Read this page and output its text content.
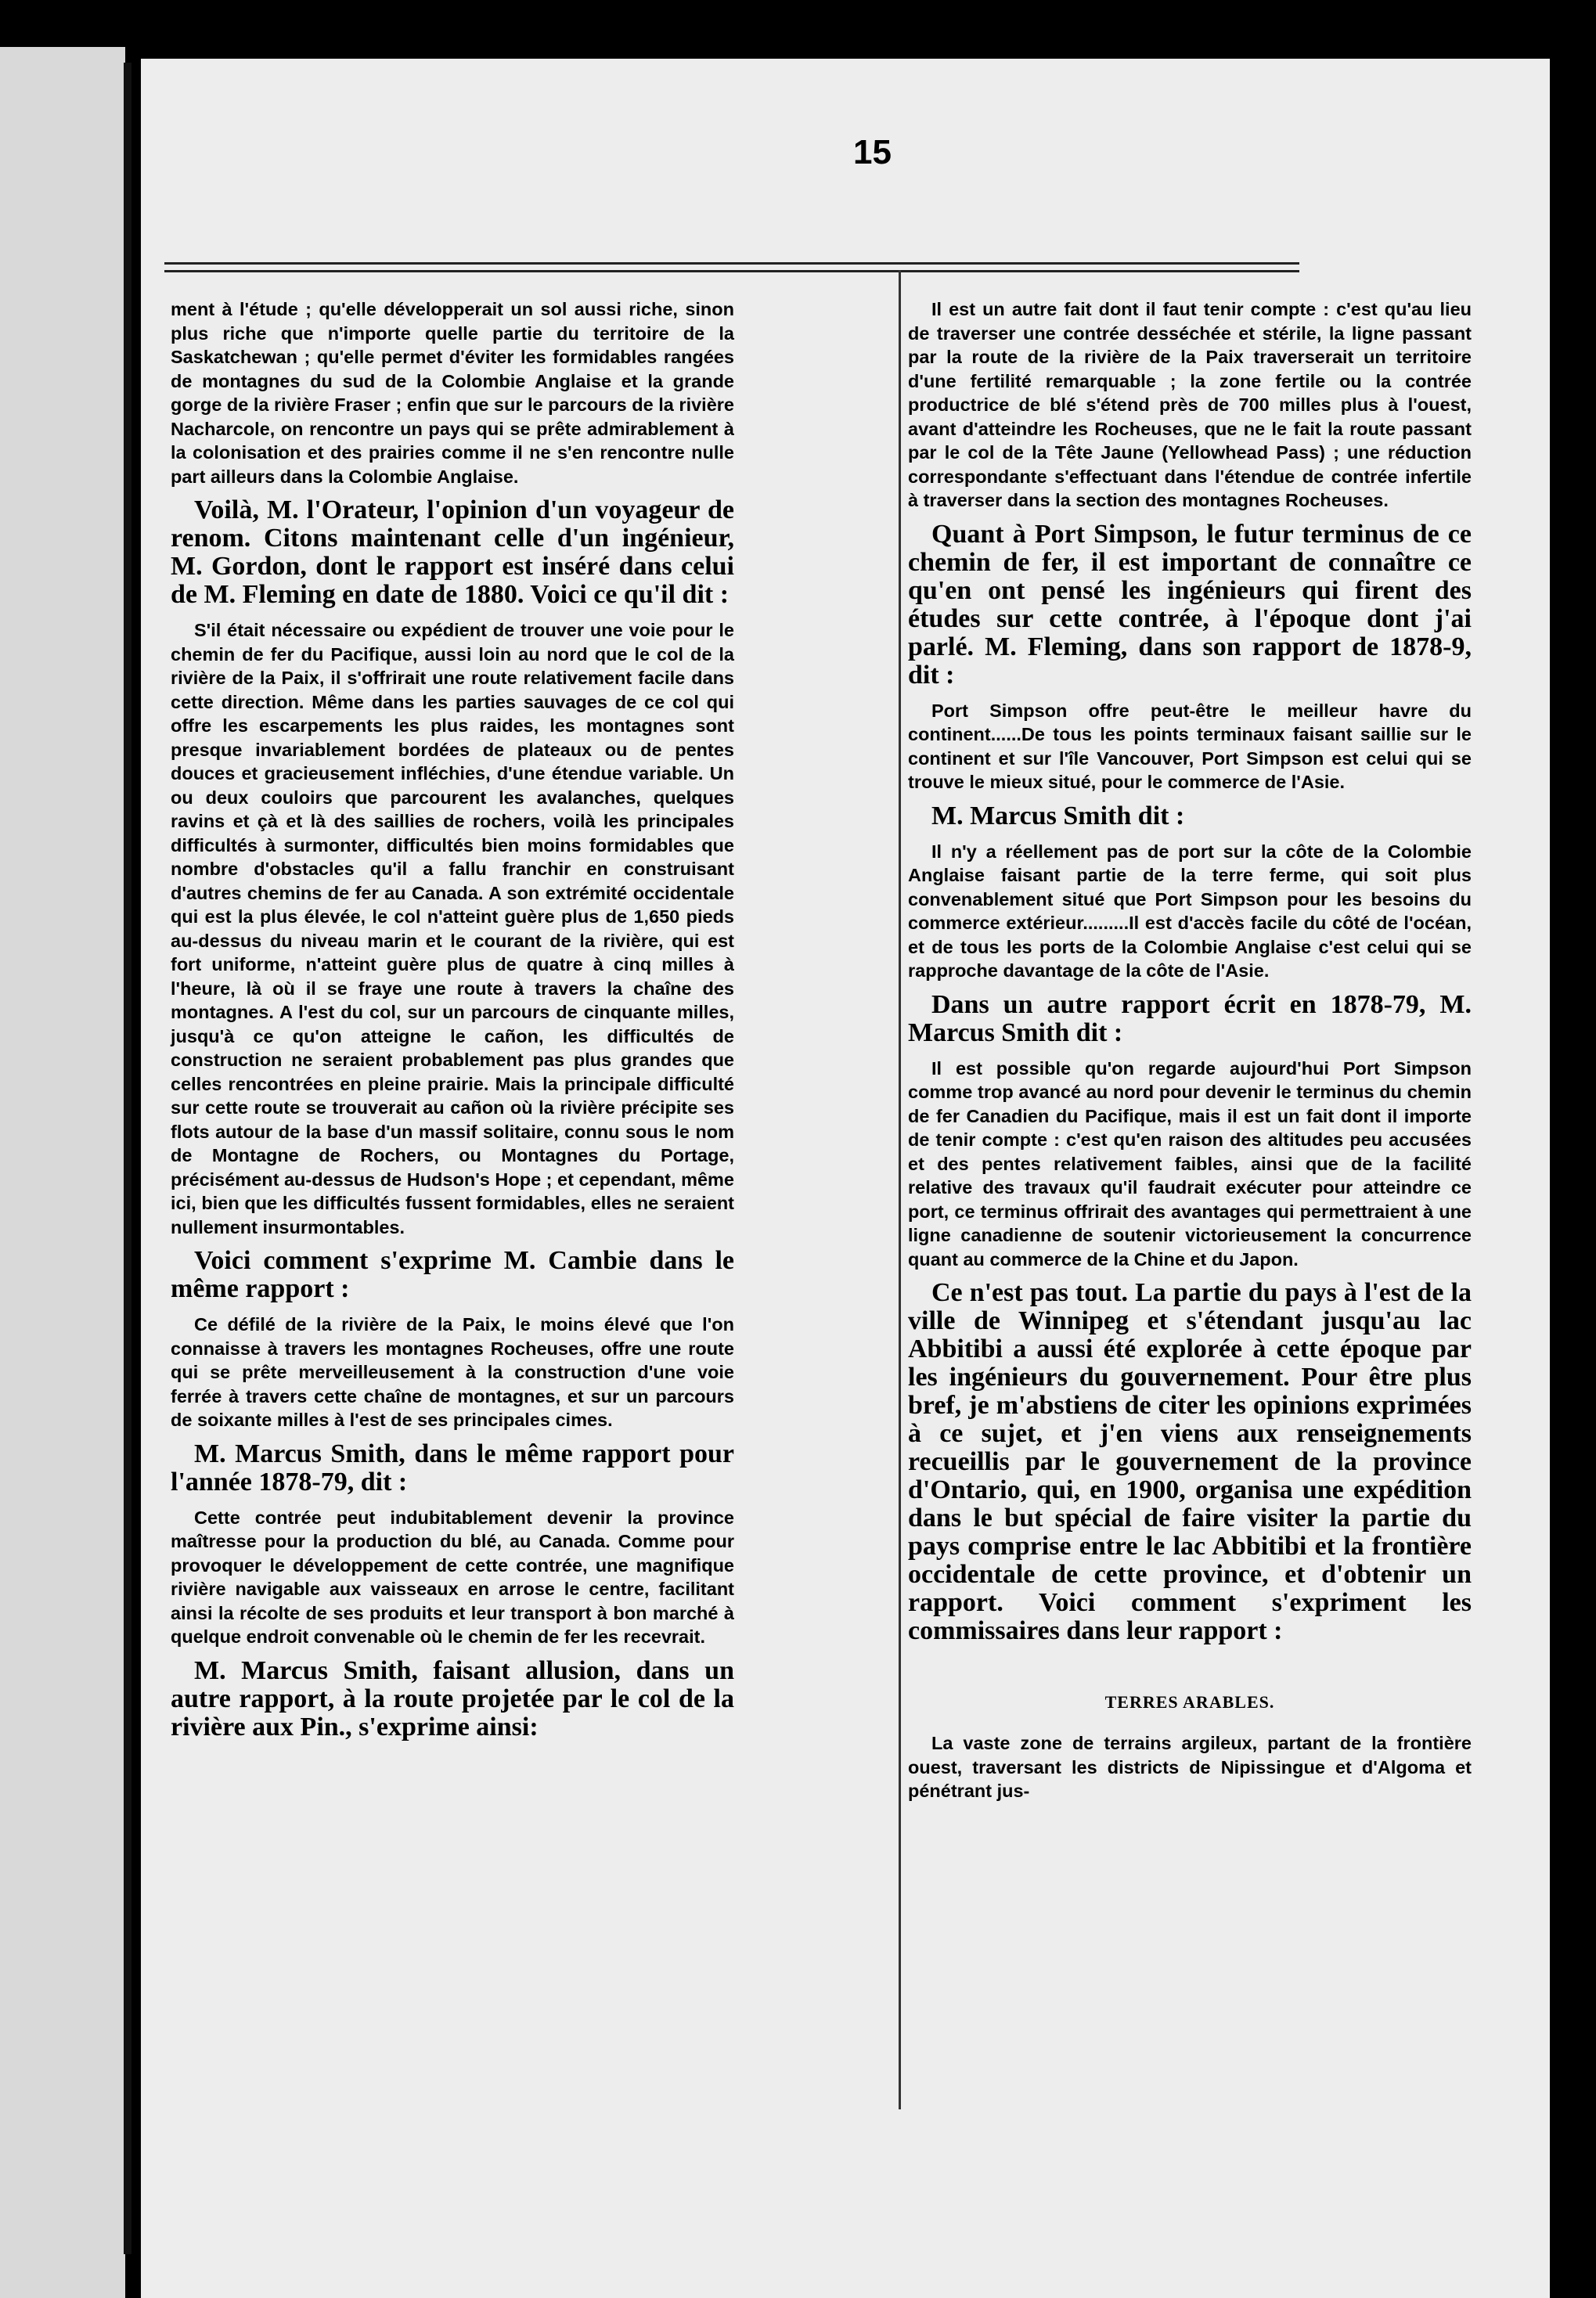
15

ment à l'étude ; qu'elle développerait un sol aussi riche, sinon plus riche que n'importe quelle partie du territoire de la Saskatchewan ; qu'elle permet d'éviter les formidables rangées de montagnes du sud de la Colombie Anglaise et la grande gorge de la rivière Fraser ; enfin que sur le parcours de la rivière Nacharcole, on rencontre un pays qui se prête admirablement à la colonisation et des prairies comme il ne s'en rencontre nulle part ailleurs dans la Colombie Anglaise.

Voilà, M. l'Orateur, l'opinion d'un voyageur de renom. Citons maintenant celle d'un ingénieur, M. Gordon, dont le rapport est inséré dans celui de M. Fleming en date de 1880. Voici ce qu'il dit :

S'il était nécessaire ou expédient de trouver une voie pour le chemin de fer du Pacifique, aussi loin au nord que le col de la rivière de la Paix, il s'offrirait une route relativement facile dans cette direction. Même dans les parties sauvages de ce col qui offre les escarpements les plus raides, les montagnes sont presque invariablement bordées de plateaux ou de pentes douces et gracieusement infléchies, d'une étendue variable. Un ou deux couloirs que parcourent les avalanches, quelques ravins et çà et là des saillies de rochers, voilà les principales difficultés à surmonter, difficultés bien moins formidables que nombre d'obstacles qu'il a fallu franchir en construisant d'autres chemins de fer au Canada. A son extrémité occidentale qui est la plus élevée, le col n'atteint guère plus de 1,650 pieds au-dessus du niveau marin et le courant de la rivière, qui est fort uniforme, n'atteint guère plus de quatre à cinq milles à l'heure, là où il se fraye une route à travers la chaîne des montagnes. A l'est du col, sur un parcours de cinquante milles, jusqu'à ce qu'on atteigne le cañon, les difficultés de construction ne seraient probablement pas plus grandes que celles rencontrées en pleine prairie. Mais la principale difficulté sur cette route se trouverait au cañon où la rivière précipite ses flots autour de la base d'un massif solitaire, connu sous le nom de Montagne de Rochers, ou Montagnes du Portage, précisément au-dessus de Hudson's Hope ; et cependant, même ici, bien que les difficultés fussent formidables, elles ne seraient nullement insurmontables.

Voici comment s'exprime M. Cambie dans le même rapport :

Ce défilé de la rivière de la Paix, le moins élevé que l'on connaisse à travers les montagnes Rocheuses, offre une route qui se prête merveilleusement à la construction d'une voie ferrée à travers cette chaîne de montagnes, et sur un parcours de soixante milles à l'est de ses principales cimes.

M. Marcus Smith, dans le même rapport pour l'année 1878-79, dit :

Cette contrée peut indubitablement devenir la province maîtresse pour la production du blé, au Canada. Comme pour provoquer le développement de cette contrée, une magnifique rivière navigable aux vaisseaux en arrose le centre, facilitant ainsi la récolte de ses produits et leur transport à bon marché à quelque endroit convenable où le chemin de fer les recevrait.

M. Marcus Smith, faisant allusion, dans un autre rapport, à la route projetée par le col de la rivière aux Pin., s'exprime ainsi:

Il est un autre fait dont il faut tenir compte : c'est qu'au lieu de traverser une contrée desséchée et stérile, la ligne passant par la route de la rivière de la Paix traverserait un territoire d'une fertilité remarquable ; la zone fertile ou la contrée productrice de blé s'étend près de 700 milles plus à l'ouest, avant d'atteindre les Rocheuses, que ne le fait la route passant par le col de la Tête Jaune (Yellowhead Pass) ; une réduction correspondante s'effectuant dans l'étendue de contrée infertile à traverser dans la section des montagnes Rocheuses.

Quant à Port Simpson, le futur terminus de ce chemin de fer, il est important de connaître ce qu'en ont pensé les ingénieurs qui firent des études sur cette contrée, à l'époque dont j'ai parlé. M. Fleming, dans son rapport de 1878-9, dit :

Port Simpson offre peut-être le meilleur havre du continent......De tous les points terminaux faisant saillie sur le continent et sur l'île Vancouver, Port Simpson est celui qui se trouve le mieux situé, pour le commerce de l'Asie.

M. Marcus Smith dit :

Il n'y a réellement pas de port sur la côte de la Colombie Anglaise faisant partie de la terre ferme, qui soit plus convenablement situé que Port Simpson pour les besoins du commerce extérieur.........Il est d'accès facile du côté de l'océan, et de tous les ports de la Colombie Anglaise c'est celui qui se rapproche davantage de la côte de l'Asie.

Dans un autre rapport écrit en 1878-79, M. Marcus Smith dit :

Il est possible qu'on regarde aujourd'hui Port Simpson comme trop avancé au nord pour devenir le terminus du chemin de fer Canadien du Pacifique, mais il est un fait dont il importe de tenir compte : c'est qu'en raison des altitudes peu accusées et des pentes relativement faibles, ainsi que de la facilité relative des travaux qu'il faudrait exécuter pour atteindre ce port, ce terminus offrirait des avantages qui permettraient à une ligne canadienne de soutenir victorieusement la concurrence quant au commerce de la Chine et du Japon.

Ce n'est pas tout. La partie du pays à l'est de la ville de Winnipeg et s'étendant jusqu'au lac Abbitibi a aussi été explorée à cette époque par les ingénieurs du gouvernement. Pour être plus bref, je m'abstiens de citer les opinions exprimées à ce sujet, et j'en viens aux renseignements recueillis par le gouvernement de la province d'Ontario, qui, en 1900, organisa une expédition dans le but spécial de faire visiter la partie du pays comprise entre le lac Abbitibi et la frontière occidentale de cette province, et d'obtenir un rapport. Voici comment s'expriment les commissaires dans leur rapport :

TERRES ARABLES.

La vaste zone de terrains argileux, partant de la frontière ouest, traversant les districts de Nipissingue et d'Algoma et pénétrant jus-
